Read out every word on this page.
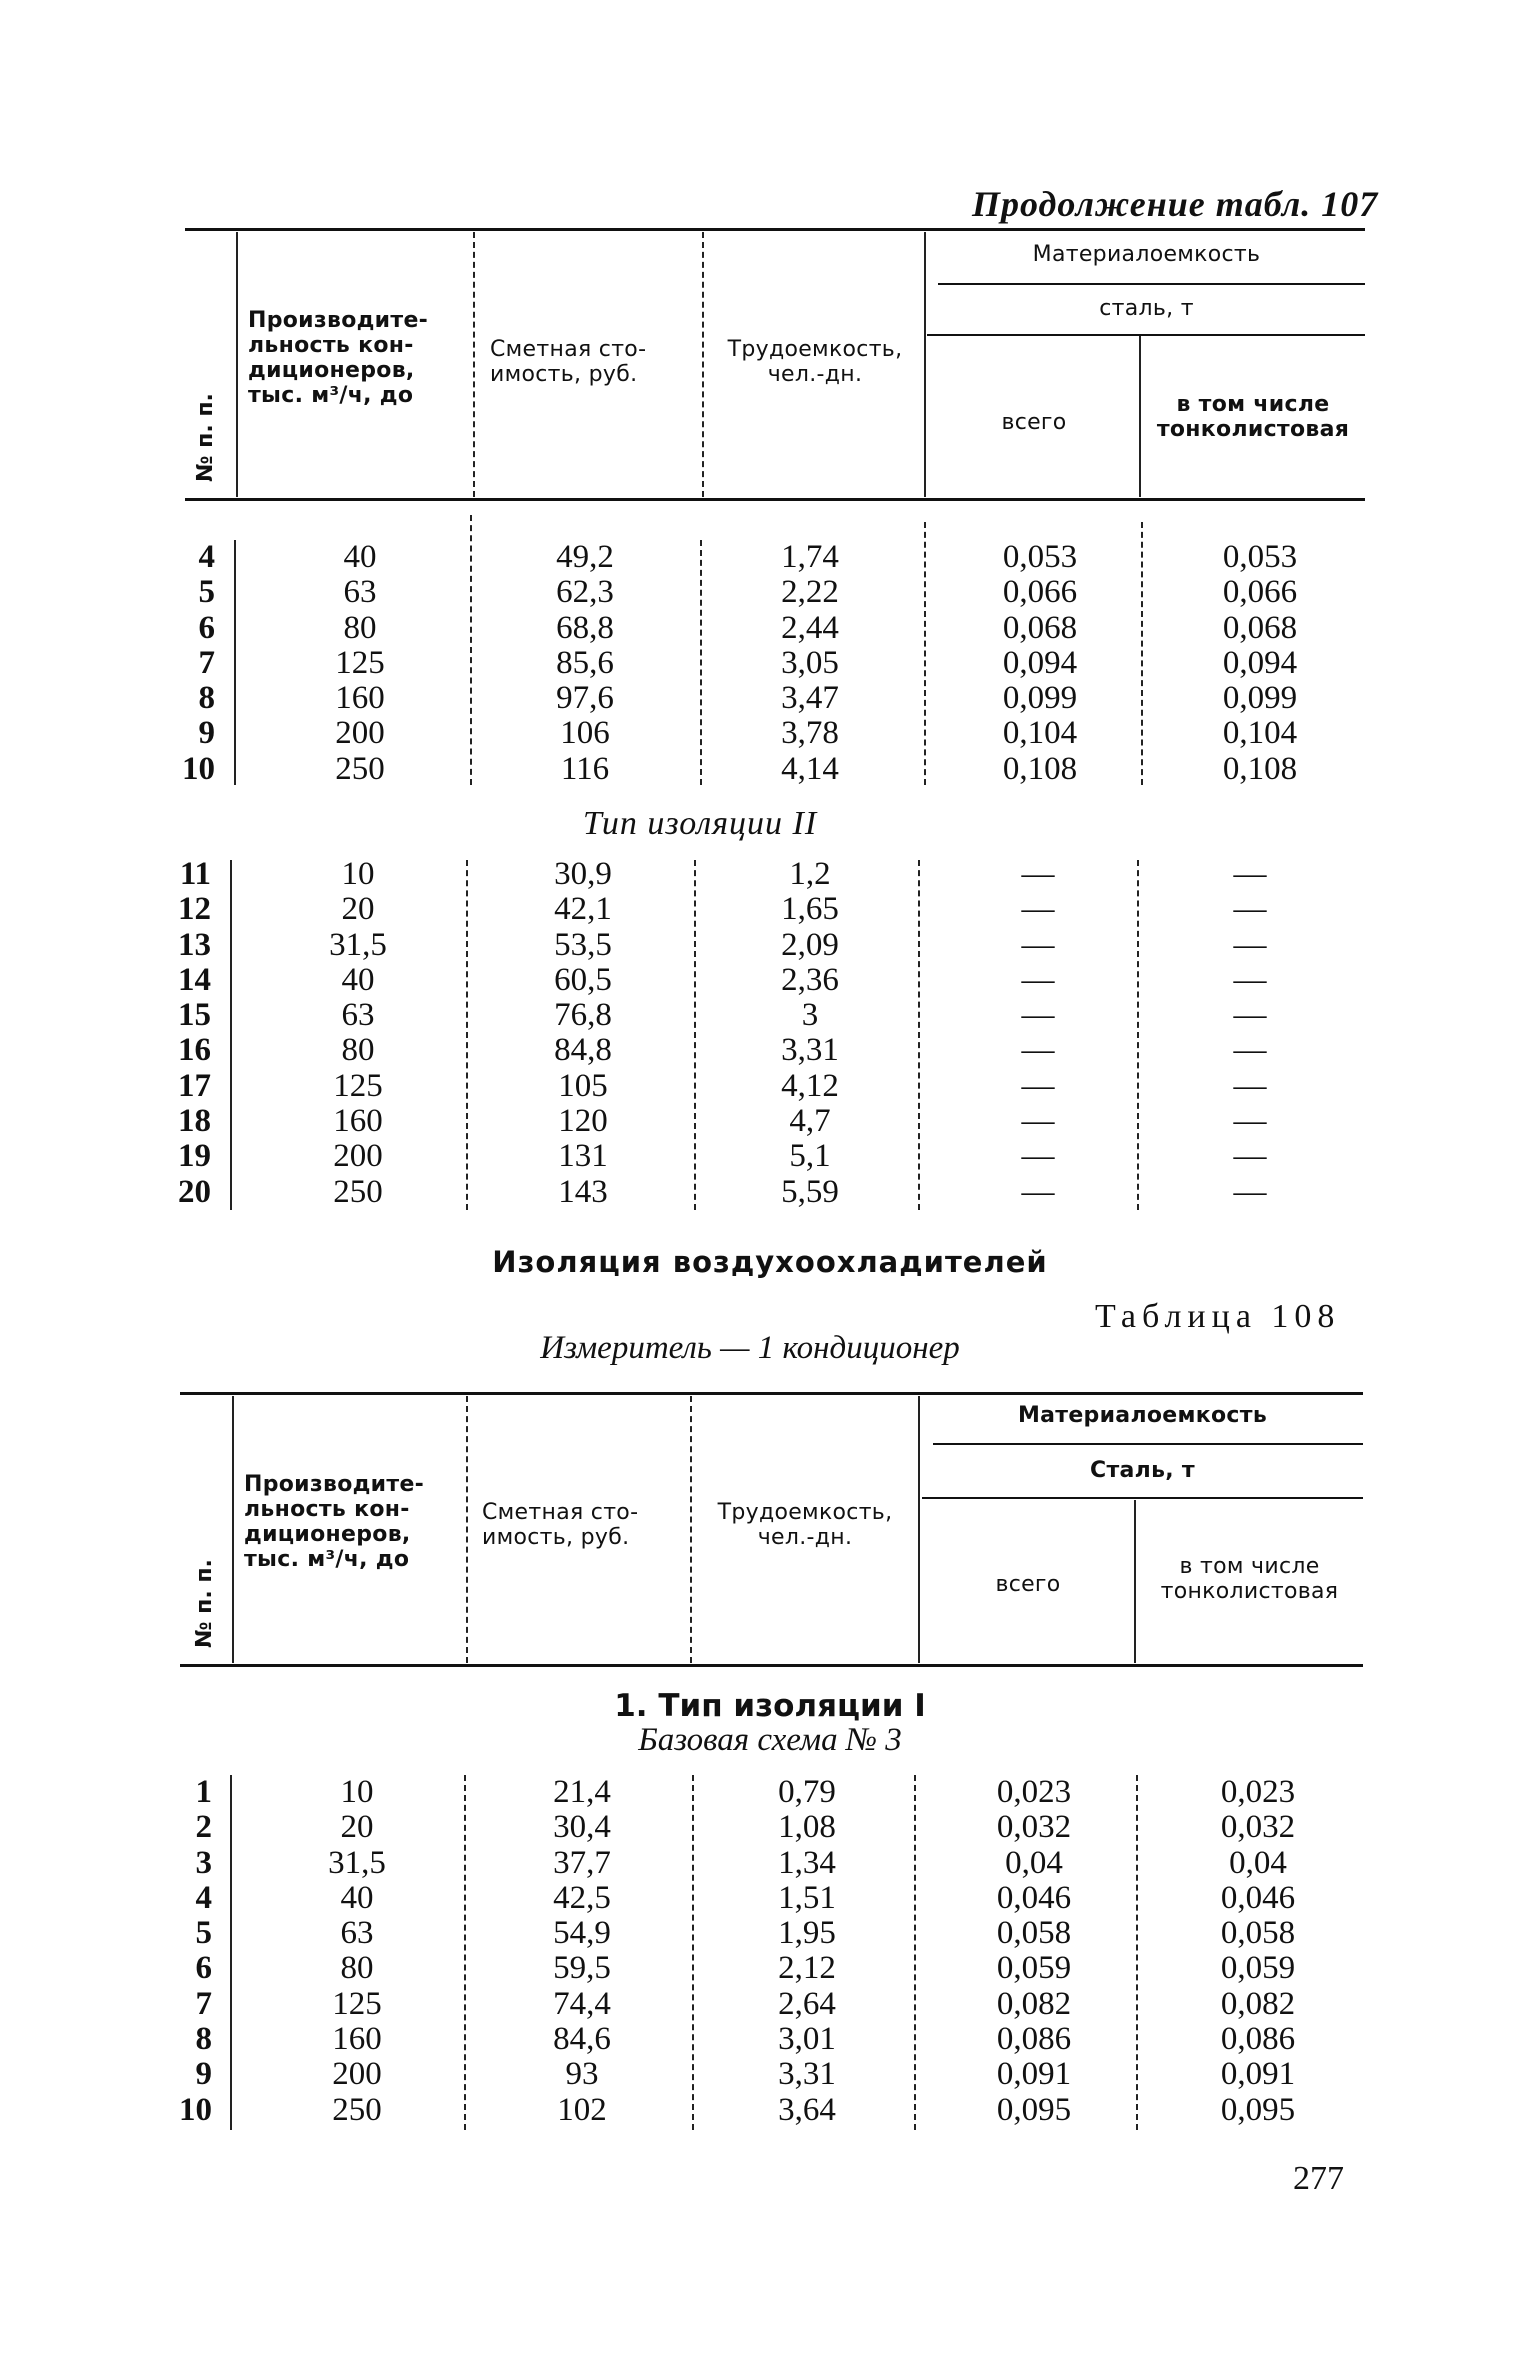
Продолжение табл. 107
№ п. п.
Производите-
льность кон-
диционеров,
тыс. м³/ч, до
Сметная сто-
имость, руб.
Трудоемкость,
чел.-дн.
Материалоемкость
сталь, т
всего
в том числе
тонколистовая
4
5
6
7
8
9
10
40
63
80
125
160
200
250
49,2
62,3
68,8
85,6
97,6
106
116
1,74
2,22
2,44
3,05
3,47
3,78
4,14
0,053
0,066
0,068
0,094
0,099
0,104
0,108
0,053
0,066
0,068
0,094
0,099
0,104
0,108
Тип изоляции II
11
12
13
14
15
16
17
18
19
20
10
20
31,5
40
63
80
125
160
200
250
30,9
42,1
53,5
60,5
76,8
84,8
105
120
131
143
1,2
1,65
2,09
2,36
3
3,31
4,12
4,7
5,1
5,59
—
—
—
—
—
—
—
—
—
—
—
—
—
—
—
—
—
—
—
—
Изоляция воздухоохладителей
Таблица 108
Измеритель — 1 кондиционер
№ п. п.
Производите-
льность кон-
диционеров,
тыс. м³/ч, до
Сметная сто-
имость, руб.
Трудоемкость,
чел.-дн.
Материалоемкость
Сталь, т
всего
в том числе
тонколистовая
1. Тип изоляции I
Базовая схема № 3
1
2
3
4
5
6
7
8
9
10
10
20
31,5
40
63
80
125
160
200
250
21,4
30,4
37,7
42,5
54,9
59,5
74,4
84,6
93
102
0,79
1,08
1,34
1,51
1,95
2,12
2,64
3,01
3,31
3,64
0,023
0,032
0,04
0,046
0,058
0,059
0,082
0,086
0,091
0,095
0,023
0,032
0,04
0,046
0,058
0,059
0,082
0,086
0,091
0,095
277
